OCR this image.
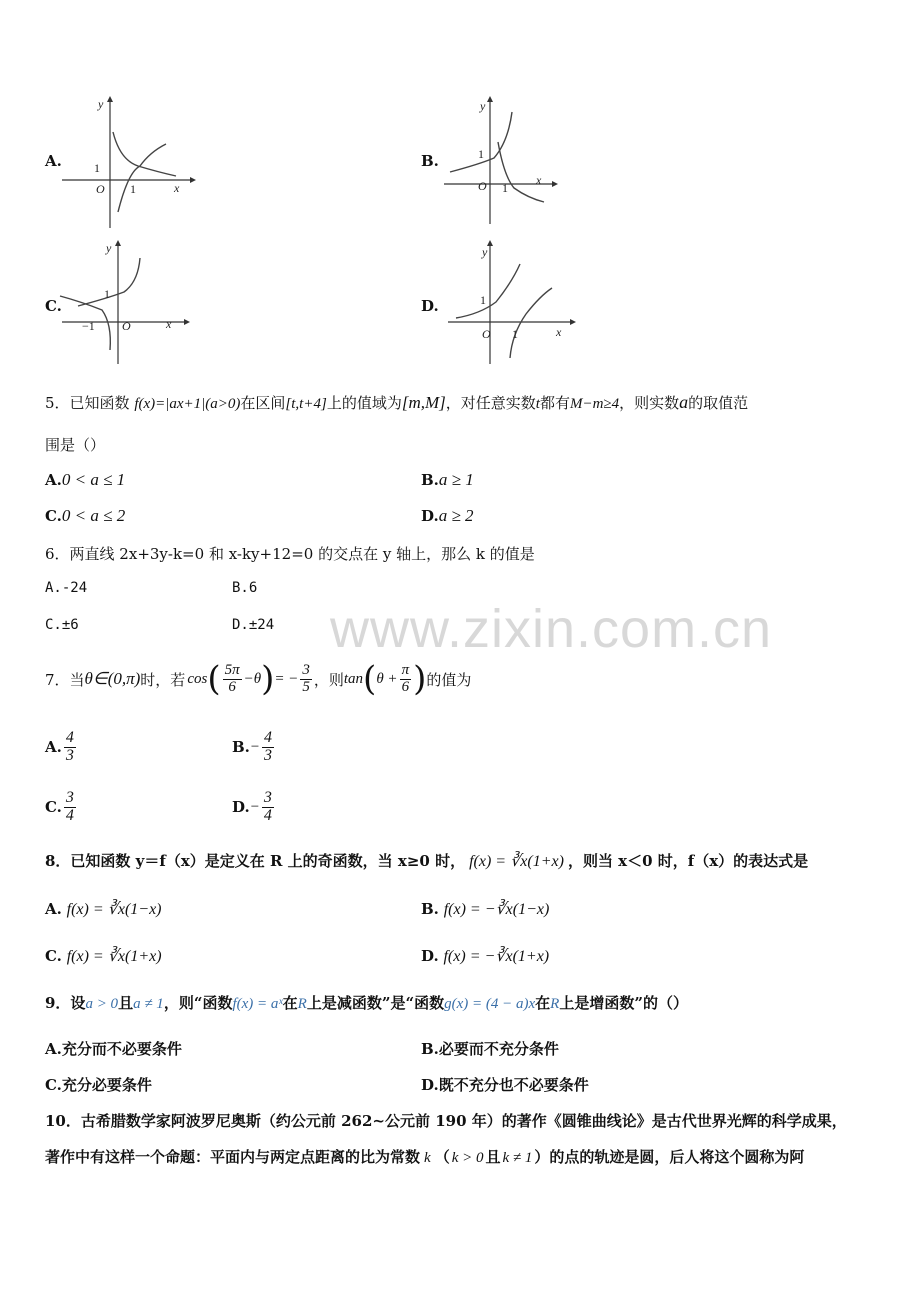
A.
y
x
O
1
1
B.
y
x
O
1
1
C.
y
x
O
1
−1
D.
y
x
O
1
1
5．已知函数 f(x)=|ax+1|(a>0)在区间[t,t+4]上的值域为[m,M]，对任意实数t都有M−m≥4，则实数a的取值范
围是（）
A.0 < a ≤ 1	B.a ≥ 1
C.0 < a ≤ 2	D.a ≥ 2
6．两直线 2x+3y-k=0 和 x-ky+12=0 的交点在 y 轴上，那么 k 的值是
A.-24	B.6
C.±6	D.±24 www.zixin.com.cn
7．当 θ∈(0,π) 时，若 cos ( $\frac{5\pi}{6} -\theta$ ) = − $\frac{3}{5}$ ，则 tan ( $\theta + \frac{\pi}{6}$ ) 的值为
A. $\frac{4}{3}$	B. − $\frac{4}{3}$
C. $\frac{3}{4}$	D. − $\frac{3}{4}$
8．已知函数 y＝f（x）是定义在 R 上的奇函数，当 x≥0 时， f(x) = ∛x(1+x) ，则当 x＜0 时，f（x）的表达式是
A. f(x) = ∛x(1−x)	B. f(x) = −∛x(1−x)
C. f(x) = ∛x(1+x)	D. f(x) = −∛x(1+x)
9．设a > 0且a ≠ 1，则“函数f(x) = aˣ在R上是减函数”是“函数g(x) = (4 − a)x在R上是增函数”的（）
A.充分而不必要条件	B.必要而不充分条件
C.充分必要条件	D.既不充分也不必要条件
10．古希腊数学家阿波罗尼奥斯（约公元前 262~公元前 190 年）的著作《圆锥曲线论》是古代世界光辉的科学成果，
著作中有这样一个命题：平面内与两定点距离的比为常数 k （ k > 0 且 k ≠ 1 ）的点的轨迹是圆，后人将这个圆称为阿
